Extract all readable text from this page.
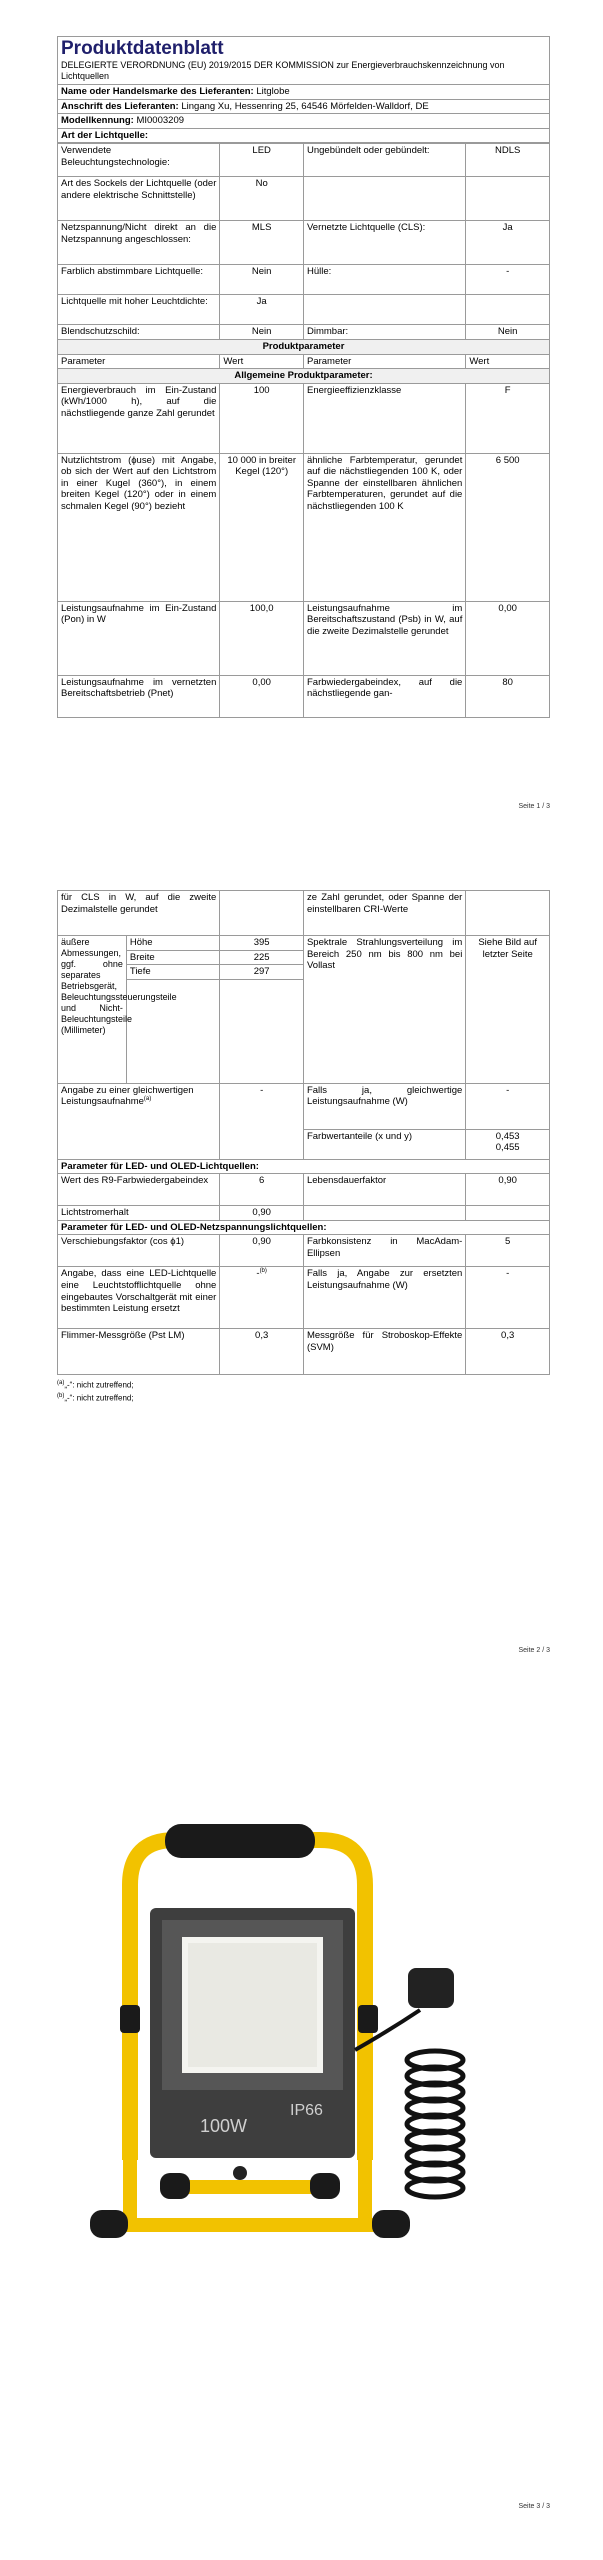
Produktdatenblatt
DELEGIERTE VERORDNUNG (EU) 2019/2015 DER KOMMISSION zur Energieverbrauchskennzeichnung von Lichtquellen

Name oder Handelsmarke des Lieferanten: Litglobe
Anschrift des Lieferanten: Lingang Xu, Hessenring 25, 64546 Mörfelden-Walldorf, DE
Modellkennung: MI0003209
Art der Lichtquelle:
Verwendete Beleuchtungstechnologie:	LED	Ungebündelt oder gebündelt:	NDLS
Art des Sockels der Lichtquelle (oder andere elektrische Schnittstelle)	No		
Netzspannung/Nicht direkt an die Netzspannung angeschlossen:	MLS	Vernetzte Lichtquelle (CLS):	Ja
Farblich abstimmbare Lichtquelle:	Nein	Hülle:	-
Lichtquelle mit hoher Leuchtdichte:	Ja		
Blendschutzschild:	Nein	Dimmbar:	Nein
Produktparameter			
Parameter	Wert	Parameter	Wert
Allgemeine Produktparameter:			
Energieverbrauch im Ein-Zustand (kWh/1000 h), auf die nächstliegende ganze Zahl gerundet	100	Energieeffizienzklasse	F
Nutzlichtstrom (ϕuse) mit Angabe, ob sich der Wert auf den Lichtstrom in einer Kugel (360°), in einem breiten Kegel (120°) oder in einem schmalen Kegel (90°) bezieht	10 000 in breiter Kegel (120°)	ähnliche Farbtemperatur, gerundet auf die nächstliegenden 100 K, oder Spanne der einstellbaren ähnlichen Farbtemperaturen, gerundet auf die nächstliegenden 100 K	6 500
Leistungsaufnahme im Ein-Zustand (Pon) in W	100,0	Leistungsaufnahme im Bereitschaftszustand (Psb) in W, auf die zweite Dezimalstelle gerundet	0,00
Leistungsaufnahme im vernetzten Bereitschaftsbetrieb (Pnet)	0,00	Farbwiedergabeindex, auf die nächstliegende gan-	80
Seite 1 / 3
für CLS in W, auf die zweite Dezimalstelle gerundet			ze Zahl gerundet, oder Spanne der einstellbaren CRI-Werte	
äußere Abmessungen, ggf. ohne separates Betriebsgerät, Beleuchtungssteuerungsteile und Nicht-Beleuchtungsteile (Millimeter)	Höhe	395	Spektrale Strahlungsverteilung im Bereich 250 nm bis 800 nm bei Vollast	Siehe Bild auf letzter Seite
	Breite	225		
	Tiefe	297		

Angabe zu einer gleichwertigen Leistungsaufnahme$^{(a)}$		-	Falls ja, gleichwertige Leistungsaufnahme (W)	-
			Farbwertanteile (x und y)	0,453
0,455

Parameter für LED- und OLED-Lichtquellen:				
Wert des R9-Farbwiedergabeindex		6	Lebensdauerfaktor	0,90
Lichtstromerhalt		0,90		
Parameter für LED- und OLED-Netzspannungslichtquellen:				
Verschiebungsfaktor (cos ϕ1)		0,90	Farbkonsistenz in MacAdam-Ellipsen	5
Angabe, dass eine LED-Lichtquelle eine Leuchtstofflichtquelle ohne eingebautes Vorschaltgerät mit einer bestimmten Leistung ersetzt		-$^{(b)}$	Falls ja, Angabe zur ersetzten Leistungsaufnahme (W)	-
Flimmer-Messgröße (Pst LM)		0,3	Messgröße für Stroboskop-Effekte (SVM)	0,3
$^{(a)}$„-“: nicht zutreffend;
$^{(b)}$„-“: nicht zutreffend;
Seite 2 / 3
100W
IP66
Seite 3 / 3
